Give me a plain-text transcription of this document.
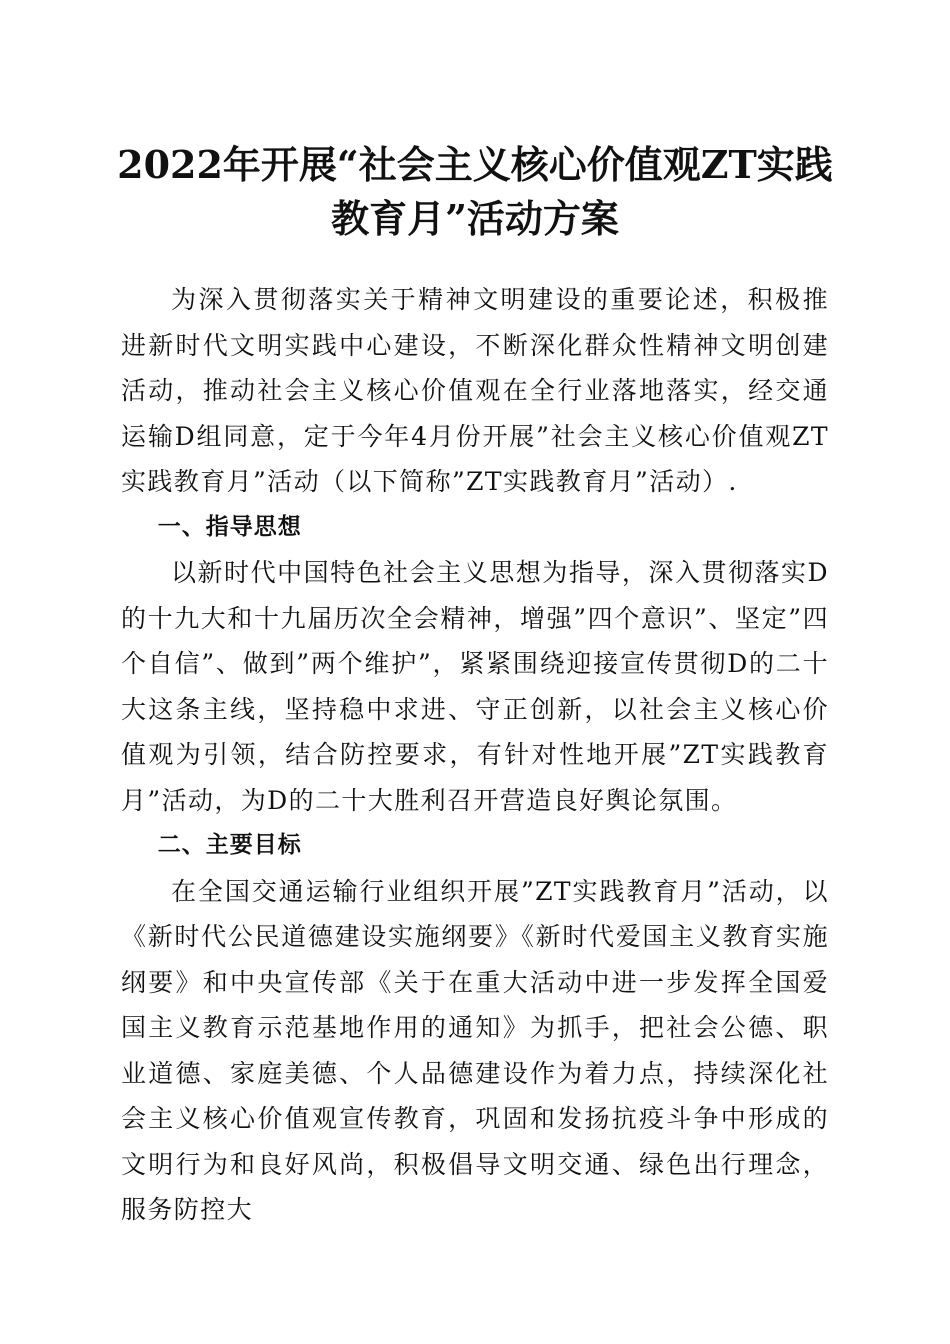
2022年开展“社会主义核心价值观ZT实践教育月”活动方案

为深入贯彻落实关于精神文明建设的重要论述，积极推进新时代文明实践中心建设，不断深化群众性精神文明创建活动，推动社会主义核心价值观在全行业落地落实，经交通运输D组同意，定于今年4月份开展”社会主义核心价值观ZT实践教育月”活动（以下简称”ZT实践教育月”活动）.

一、指导思想

以新时代中国特色社会主义思想为指导，深入贯彻落实D的十九大和十九届历次全会精神，增强”四个意识”、坚定”四个自信”、做到”两个维护”，紧紧围绕迎接宣传贯彻D的二十大这条主线，坚持稳中求进、守正创新，以社会主义核心价值观为引领，结合防控要求，有针对性地开展”ZT实践教育月”活动，为D的二十大胜利召开营造良好舆论氛围。

二、主要目标

在全国交通运输行业组织开展”ZT实践教育月”活动，以《新时代公民道德建设实施纲要》《新时代爱国主义教育实施纲要》和中央宣传部《关于在重大活动中进一步发挥全国爱国主义教育示范基地作用的通知》为抓手，把社会公德、职业道德、家庭美德、个人品德建设作为着力点，持续深化社会主义核心价值观宣传教育，巩固和发扬抗疫斗争中形成的文明行为和良好风尚，积极倡导文明交通、绿色出行理念，服务防控大
